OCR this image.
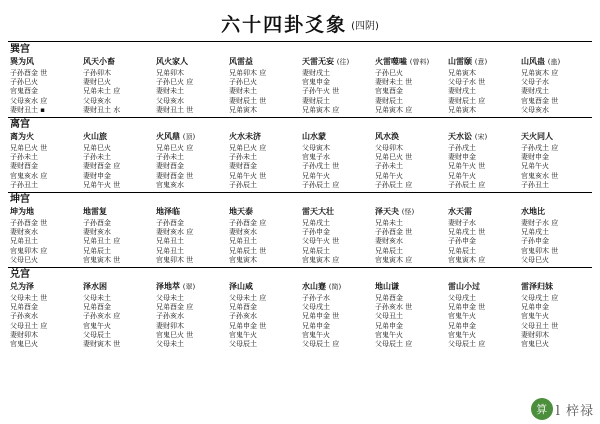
六十四卦爻象 (四阴)
巽宫
巽为风
子孙酉金 世
子孙巳火
官鬼酉金
父母亥水 应
妻财丑土 ▪
风天小畜
子孙卯木
妻财巳火
兄弟未土 应
父母亥水
妻财丑土 水
风火家人
兄弟卯木
子孙巳火 应
妻财未土
父母亥水
妻财丑土 世
风雷益
兄弟卯木 应
子孙巳火
妻财未土
妻财辰土 世
兄弟寅木
天雷无妄 (往)
妻财戌土
官鬼申金
子孙午火 世
妻财辰土
兄弟寅木 应
火雷噬嗑 (曾料)
子孙巳火
妻财未土 世
官鬼酉金
妻财辰土
兄弟寅木 应
山雷颐 (意)
兄弟寅木
父母子水 世
妻财戌土
妻财辰土 应
兄弟寅木
山风蛊 (蛊)
兄弟寅木 应
父母子水
妻财戌土
官鬼酉金 世
父母亥水
离宫
离为火
兄弟巳火 世
子孙未土
妻财酉金
官鬼亥水 应
子孙丑土
火山旅
兄弟巳火
子孙未土
妻财酉金 应
妻财申金
兄弟午火 世
火风鼎 (顶)
兄弟巳火 应
子孙未土
妻财酉金
妻财酉金 世
官鬼亥水
火水未济
兄弟巳火 应
子孙未土
妻财酉金
兄弟午火 世
子孙辰土
山水蒙
父母寅木
官鬼子水
子孙戌土 世
兄弟午火
子孙辰土 应
风水涣
父母卯木
兄弟巳火 世
子孙未土
兄弟午火
子孙辰土 应
天水讼 (宋)
子孙戌土
妻财申金
兄弟午火 世
兄弟午火
子孙辰土 应
天火同人
子孙戌土 应
妻财申金
兄弟午火
官鬼亥水 世
子孙丑土
坤宫
坤为地
子孙酉金 世
妻财亥水
兄弟丑土
官鬼卯木 应
父母巳火
地雷复
子孙酉金
妻财亥水
兄弟丑土 应
兄弟辰土
官鬼寅木 世
地泽临
子孙酉金
妻财亥水 应
兄弟丑土
兄弟丑土
官鬼卯木 世
地天泰
子孙酉金 应
妻财亥水
兄弟丑土
兄弟辰土 世
官鬼寅木
雷天大壮
兄弟戌土
子孙申金
父母午火 世
兄弟辰土
官鬼寅木 应
泽天夬 (怪)
兄弟未土
子孙酉金 世
妻财亥水
兄弟辰土
官鬼寅木 应
水天需
妻财子水
兄弟戌土 世
子孙申金
兄弟辰土
官鬼寅木 应
水地比
妻财子水 应
兄弟戌土
子孙申金
官鬼卯木 世
父母巳火
兑宫
兑为泽
父母未土 世
兄弟酉金
子孙亥水
父母丑土 应
妻财卯木
官鬼巳火
泽水困
父母未土
兄弟酉金
子孙亥水 应
官鬼午火
父母辰土
妻财寅木 世
泽地萃 (翠)
父母未土
兄弟酉金 应
子孙亥水
妻财卯木
官鬼巳火 世
父母未土
泽山咸
父母未土 应
兄弟酉金
子孙亥水
兄弟申金 世
官鬼午火
父母辰土
水山蹇 (简)
子孙子水
父母戌土
兄弟申金 世
兄弟申金
官鬼午火
父母辰土 应
地山谦
兄弟酉金
子孙亥水 世
父母丑土
兄弟申金
官鬼午火
父母辰土 应
雷山小过
父母戌土
兄弟申金 世
官鬼午火
兄弟申金
官鬼午火
父母辰土 应
雷泽归妹
父母戌土 应
兄弟申金
官鬼午火
父母丑土 世
妻财卯木
官鬼巳火
算 l 梓禄
